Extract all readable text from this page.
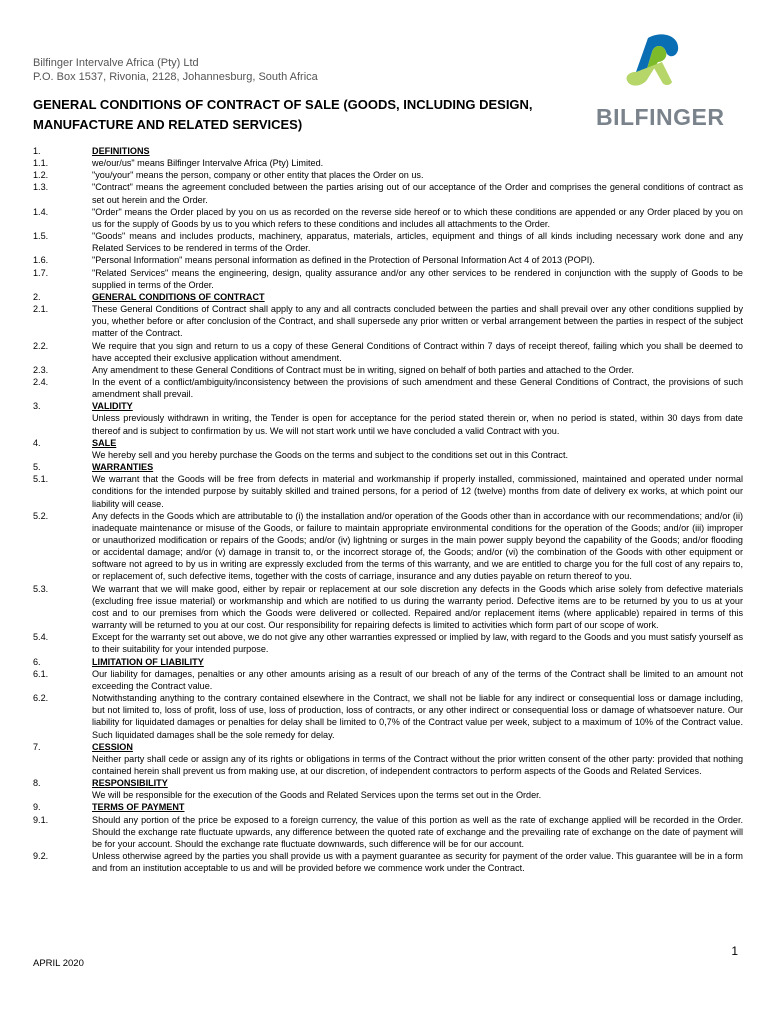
Bilfinger Intervalve Africa (Pty) Ltd
P.O. Box 1537, Rivonia, 2128, Johannesburg, South Africa
BILFINGER
GENERAL CONDITIONS OF CONTRACT OF SALE (GOODS, INCLUDING DESIGN, MANUFACTURE AND RELATED SERVICES)
1.	DEFINITIONS
1.1.	we/our/us" means Bilfinger Intervalve Africa (Pty) Limited.
1.2.	"you/your" means the person, company or other entity that places the Order on us.
1.3.	"Contract" means the agreement concluded between the parties arising out of our acceptance of the Order and comprises the general conditions of contract as set out herein and the Order.
1.4.	"Order" means the Order placed by you on us as recorded on the reverse side hereof or to which these conditions are appended or any Order placed by you on us for the supply of Goods by us to you which refers to these conditions and includes all attachments to the Order.
1.5.	"Goods" means and includes products, machinery, apparatus, materials, articles, equipment and things of all kinds including necessary work done and any Related Services to be rendered in terms of the Order.
1.6.	"Personal Information" means personal information as defined in the Protection of Personal Information Act 4 of 2013 (POPI).
1.7.	"Related Services" means the engineering, design, quality assurance and/or any other services to be rendered in conjunction with the supply of Goods to be supplied in terms of the Order.
2.	GENERAL CONDITIONS OF CONTRACT
2.1.	These General Conditions of Contract shall apply to any and all contracts concluded between the parties and shall prevail over any other conditions supplied by you, whether before or after conclusion of the Contract, and shall supersede any prior written or verbal arrangement between the parties in respect of the subject matter of the Contract.
2.2.	We require that you sign and return to us a copy of these General Conditions of Contract within 7 days of receipt thereof, failing which you shall be deemed to have accepted their exclusive application without amendment.
2.3.	Any amendment to these General Conditions of Contract must be in writing, signed on behalf of both parties and attached to the Order.
2.4.	In the event of a conflict/ambiguity/inconsistency between the provisions of such amendment and these General Conditions of Contract, the provisions of such amendment shall prevail.
3.	VALIDITY
Unless previously withdrawn in writing, the Tender is open for acceptance for the period stated therein or, when no period is stated, within 30 days from date thereof and is subject to confirmation by us. We will not start work until we have concluded a valid Contract with you.
4.	SALE
We hereby sell and you hereby purchase the Goods on the terms and subject to the conditions set out in this Contract.
5.	WARRANTIES
5.1.	We warrant that the Goods will be free from defects in material and workmanship if properly installed, commissioned, maintained and operated under normal conditions for the intended purpose by suitably skilled and trained persons, for a period of 12 (twelve) months from date of delivery ex works, at which point our liability will cease.
5.2.	Any defects in the Goods which are attributable to (i) the installation and/or operation of the Goods other than in accordance with our recommendations; and/or (ii) inadequate maintenance or misuse of the Goods, or failure to maintain appropriate environmental conditions for the operation of the Goods; and/or (iii) improper or unauthorized modification or repairs of the Goods; and/or (iv) lightning or surges in the main power supply beyond the capability of the Goods; and/or flooding or accidental damage; and/or (v) damage in transit to, or the incorrect storage of, the Goods; and/or (vi) the combination of the Goods with other equipment or software not agreed to by us in writing are expressly excluded from the terms of this warranty, and we are entitled to charge you for the full cost of any repairs to, or replacement of, such defective items, together with the costs of carriage, insurance and any duties payable on return thereof to you.
5.3.	We warrant that we will make good, either by repair or replacement at our sole discretion any defects in the Goods which arise solely from defective materials (excluding free issue material) or workmanship and which are notified to us during the warranty period. Defective items are to be returned by you to us at your cost and to our premises from which the Goods were delivered or collected. Repaired and/or replacement items (where applicable) repaired in terms of this warranty will be returned to you at our cost. Our responsibility for repairing defects is limited to activities which form part of our scope of work.
5.4.	Except for the warranty set out above, we do not give any other warranties expressed or implied by law, with regard to the Goods and you must satisfy yourself as to their suitability for your intended purpose.
6.	LIMITATION OF LIABILITY
6.1.	Our liability for damages, penalties or any other amounts arising as a result of our breach of any of the terms of the Contract shall be limited to an amount not exceeding the Contract value.
6.2.	Notwithstanding anything to the contrary contained elsewhere in the Contract, we shall not be liable for any indirect or consequential loss or damage including, but not limited to, loss of profit, loss of use, loss of production, loss of contracts, or any other indirect or consequential loss or damage of whatsoever nature. Our liability for liquidated damages or penalties for delay shall be limited to 0,7% of the Contract value per week, subject to a maximum of 10% of the Contract value. Such liquidated damages shall be the sole remedy for delay.
7.	CESSION
Neither party shall cede or assign any of its rights or obligations in terms of the Contract without the prior written consent of the other party: provided that nothing contained herein shall prevent us from making use, at our discretion, of independent contractors to perform aspects of the Goods and Related Services.
8.	RESPONSIBILITY
We will be responsible for the execution of the Goods and Related Services upon the terms set out in the Order.
9.	TERMS OF PAYMENT
9.1.	Should any portion of the price be exposed to a foreign currency, the value of this portion as well as the rate of exchange applied will be recorded in the Order. Should the exchange rate fluctuate upwards, any difference between the quoted rate of exchange and the prevailing rate of exchange on the date of payment will be for your account. Should the exchange rate fluctuate downwards, such difference will be for our account.
9.2.	Unless otherwise agreed by the parties you shall provide us with a payment guarantee as security for payment of the order value. This guarantee will be in a form and from an institution acceptable to us and will be provided before we commence work under the Contract.
1
APRIL 2020
